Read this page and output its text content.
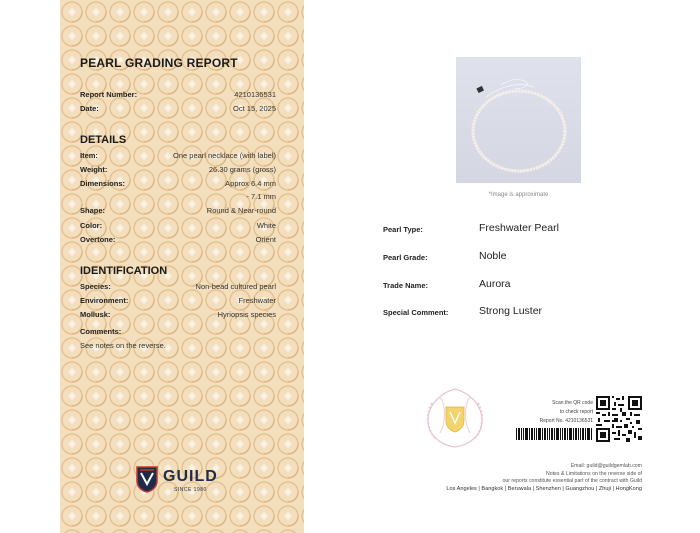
PEARL GRADING REPORT
Report Number:	4210136531
Date:	Oct 15, 2025
DETAILS
Item:	One pearl necklace (with label)
Weight:	26.30 grams (gross)
Dimensions:	Approx 6.4 mm
- 7.1 mm
Shape:	Round & Near-round
Color:	White
Overtone:	Orient
IDENTIFICATION
Species:	Non-bead cultured pearl
Environment:	Freshwater
Mollusk:	Hyriopsis species
Comments:
See notes on the reverse.
GUILD
SINCE 1980
*Image is approximate
Pearl Type:	Freshwater Pearl
Pearl Grade:	Noble
Trade Name:	Aurora
Special Comment:	Strong Luster
Scan the QR code
to check report
Report No. 4210136531
Email: guild@guildgemlab.com
Notes & Limitations on the reverse side of
our reports constitute essential part of the contract with Guild
Los Angeles | Bangkok | Beruwala | Shenzhen | Guangzhou | Zhuji | HongKong
